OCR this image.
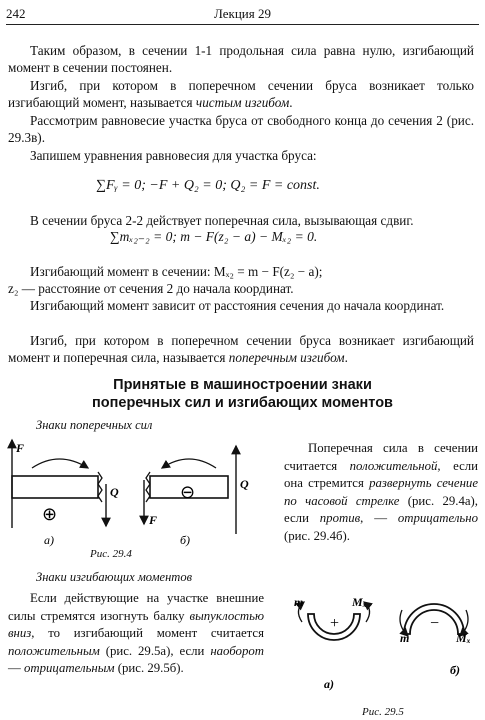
242	Лекция 29

Таким образом, в сечении 1-1 продольная сила равна нулю, изгибающий момент в сечении постоянен.

Изгиб, при котором в поперечном сечении бруса возникает только изгибающий момент, называется чистым изгибом.

Рассмотрим равновесие участка бруса от свободного конца до сечения 2 (рис. 29.3в).

Запишем уравнения равновесия для участка бруса:

∑Fᵧ = 0; −F + Q₂ = 0; Q₂ = F = const.

В сечении бруса 2-2 действует поперечная сила, вызывающая сдвиг.

∑mₓ₂₋₂ = 0; m − F(z₂ − a) − Mₓ₂ = 0.

Изгибающий момент в сечении: Mₓ₂ = m − F(z₂ − a);

z₂ — расстояние от сечения 2 до начала координат.

Изгибающий момент зависит от расстояния сечения до начала координат.

Изгиб, при котором в поперечном сечении бруса возникает изгибающий момент и поперечная сила, называется поперечным изгибом.

Принятые в машиностроении знаки
поперечных сил и изгибающих моментов
Знаки поперечных сил
F
Q
⊕
а)
F
Q
⊖
б)
Рис. 29.4

Поперечная сила в сечении считается положительной, если она стремится развернуть сечение по часовой стрелке (рис. 29.4а), если против, — отрицательно (рис. 29.4б).

Знаки изгибающих моментов

Если действующие на участке внешние силы стремятся изогнуть балку выпуклостью вниз, то изгибающий момент считается положительным (рис. 29.5а), если наоборот — отрицательным (рис. 29.5б).

m	Mₓ
+
а)
m	Mₓ
−
б)
Рис. 29.5
